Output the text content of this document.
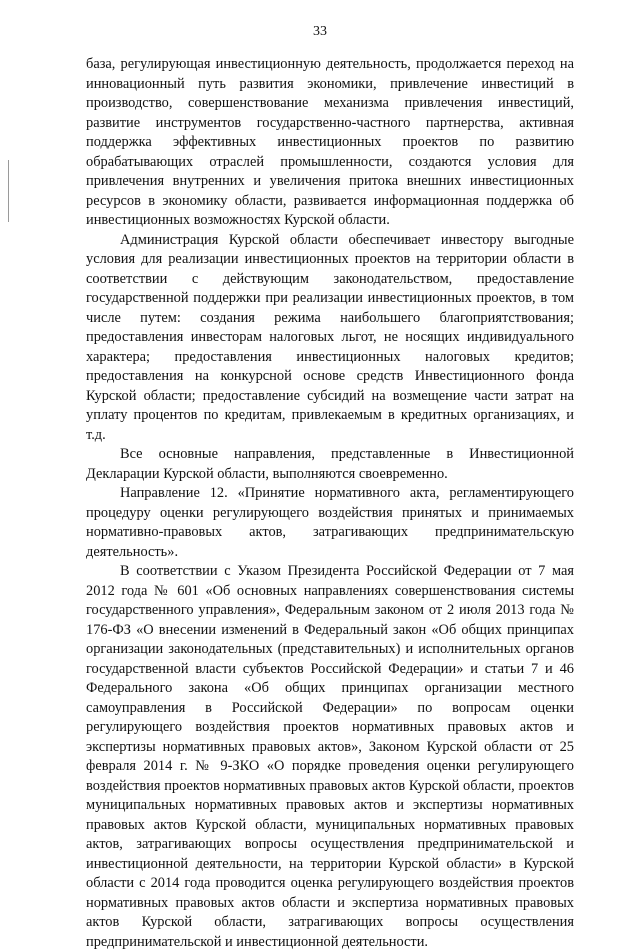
33

база, регулирующая инвестиционную деятельность, продолжается переход на инновационный путь развития экономики, привлечение инвестиций в производство, совершенствование механизма привлечения инвестиций, развитие инструментов государственно-частного партнерства, активная поддержка эффективных инвестиционных проектов по развитию обрабатывающих отраслей промышленности, создаются условия для привлечения внутренних и увеличения притока внешних инвестиционных ресурсов в экономику области, развивается информационная поддержка об инвестиционных возможностях Курской области.

Администрация Курской области обеспечивает инвестору выгодные условия для реализации инвестиционных проектов на территории области в соответствии с действующим законодательством, предоставление государственной поддержки при реализации инвестиционных проектов, в том числе путем: создания режима наибольшего благоприятствования; предоставления инвесторам налоговых льгот, не носящих индивидуального характера; предоставления инвестиционных налоговых кредитов; предоставления на конкурсной основе средств Инвестиционного фонда Курской области; предоставление субсидий на возмещение части затрат на уплату процентов по кредитам, привлекаемым в кредитных организациях, и т.д.

Все основные направления, представленные в Инвестиционной Декларации Курской области, выполняются своевременно.

Направление 12. «Принятие нормативного акта, регламентирующего процедуру оценки регулирующего воздействия принятых и принимаемых нормативно-правовых актов, затрагивающих предпринимательскую деятельность».

В соответствии с Указом Президента Российской Федерации от 7 мая 2012 года № 601 «Об основных направлениях совершенствования системы государственного управления», Федеральным законом от 2 июля 2013 года № 176-ФЗ «О внесении изменений в Федеральный закон «Об общих принципах организации законодательных (представительных) и исполнительных органов государственной власти субъектов Российской Федерации» и статьи 7 и 46 Федерального закона «Об общих принципах организации местного самоуправления в Российской Федерации» по вопросам оценки регулирующего воздействия проектов нормативных правовых актов и экспертизы нормативных правовых актов», Законом Курской области от 25 февраля 2014 г. № 9-ЗКО «О порядке проведения оценки регулирующего воздействия проектов нормативных правовых актов Курской области, проектов муниципальных нормативных правовых актов и экспертизы нормативных правовых актов Курской области, муниципальных нормативных правовых актов, затрагивающих вопросы осуществления предпринимательской и инвестиционной деятельности, на территории Курской области» в Курской области с 2014 года проводится оценка регулирующего воздействия проектов нормативных правовых актов области и экспертиза нормативных правовых актов Курской области, затрагивающих вопросы осуществления предпринимательской и инвестиционной деятельности.
